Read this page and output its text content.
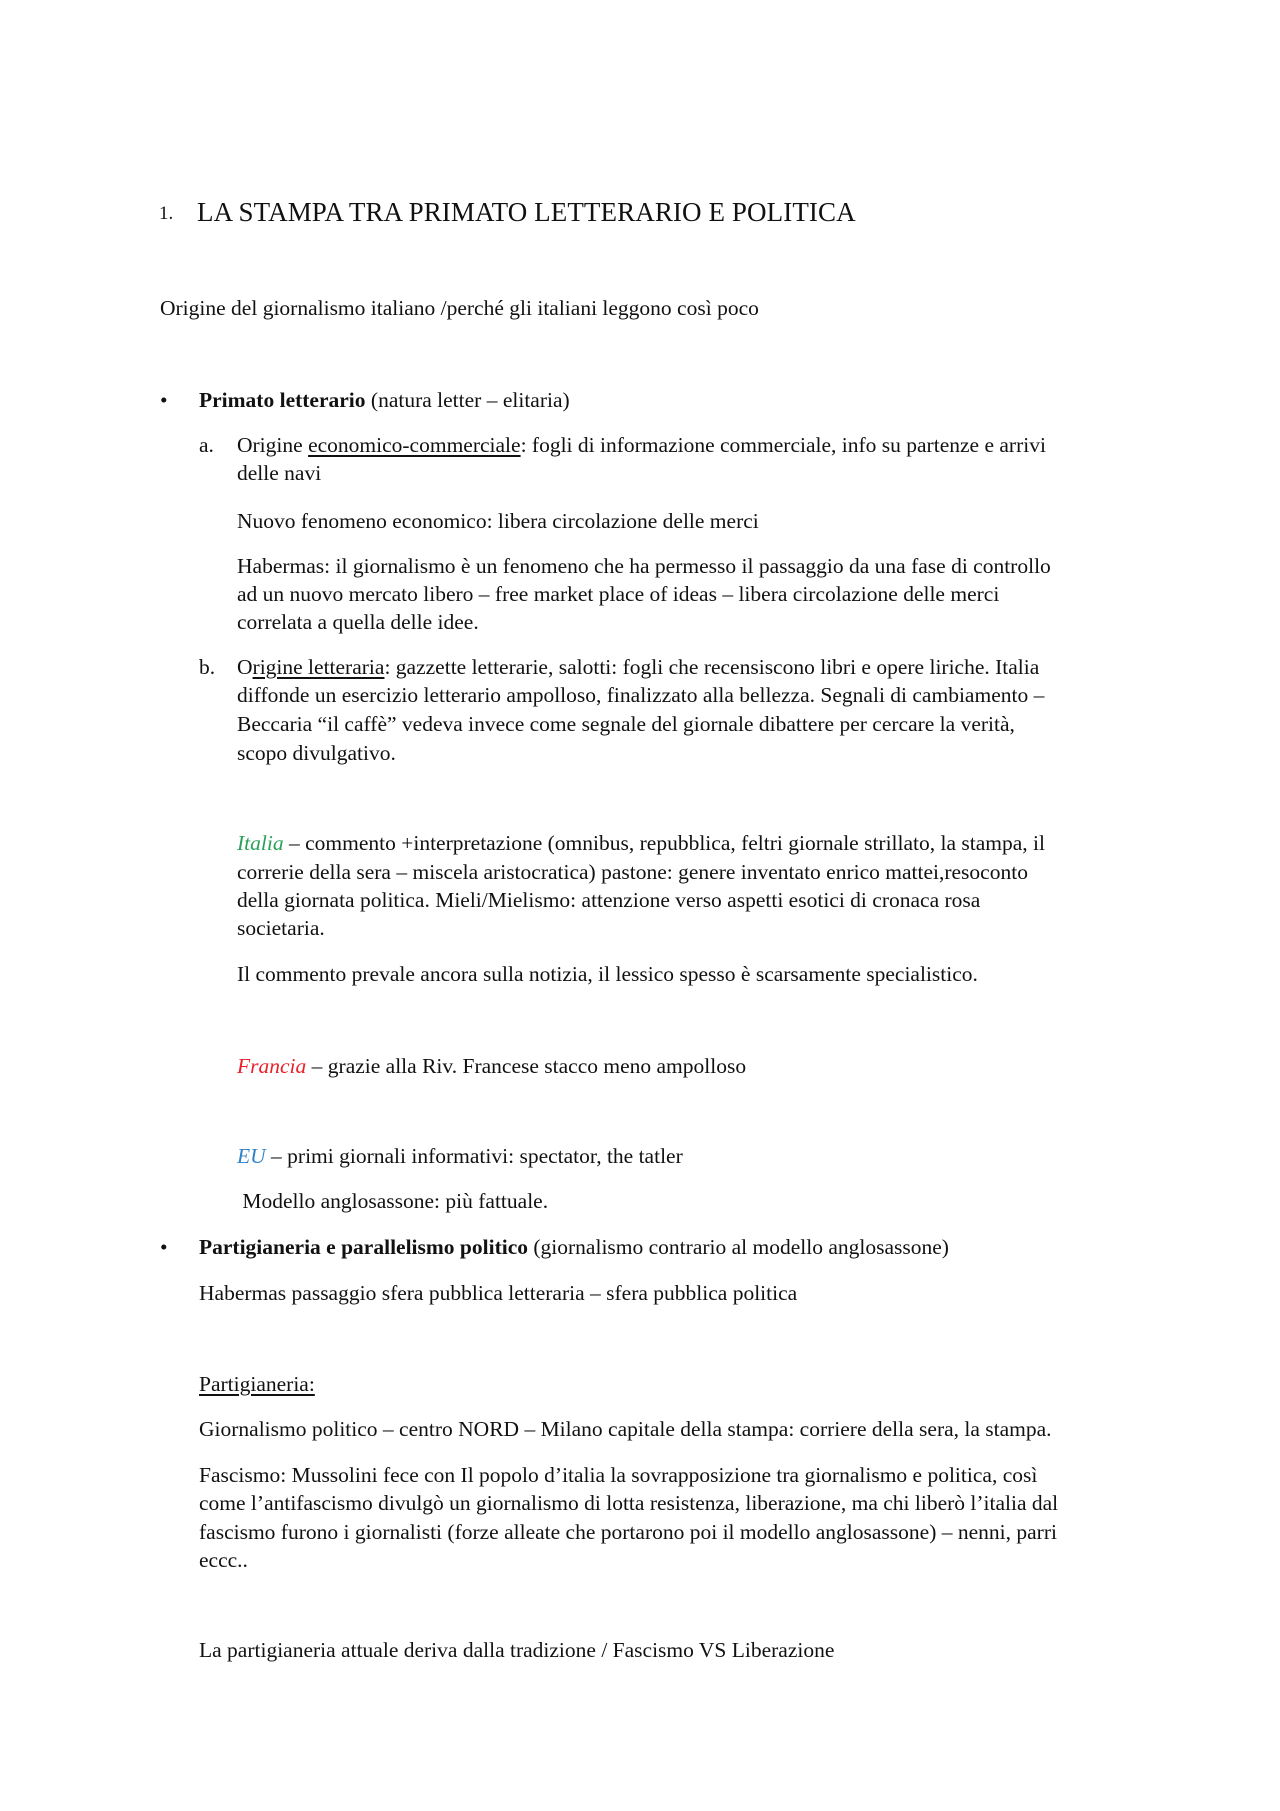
1. LA STAMPA TRA PRIMATO LETTERARIO E POLITICA
Origine del giornalismo italiano /perché gli italiani leggono così poco
• Primato letterario (natura letter – elitaria)
a. Origine economico-commerciale: fogli di informazione commerciale, info su partenze e arrivi
delle navi
Nuovo fenomeno economico: libera circolazione delle merci
Habermas: il giornalismo è un fenomeno che ha permesso il passaggio da una fase di controllo
ad un nuovo mercato libero – free market place of ideas – libera circolazione delle merci
correlata a quella delle idee.
b. Origine letteraria: gazzette letterarie, salotti: fogli che recensiscono libri e opere liriche. Italia
diffonde un esercizio letterario ampolloso, finalizzato alla bellezza. Segnali di cambiamento –
Beccaria “il caffè” vedeva invece come segnale del giornale dibattere per cercare la verità,
scopo divulgativo.
Italia – commento +interpretazione (omnibus, repubblica, feltri giornale strillato, la stampa, il
correrie della sera – miscela aristocratica) pastone: genere inventato enrico mattei,resoconto
della giornata politica. Mieli/Mielismo: attenzione verso aspetti esotici di cronaca rosa
societaria.
Il commento prevale ancora sulla notizia, il lessico spesso è scarsamente specialistico.
Francia – grazie alla Riv. Francese stacco meno ampolloso
EU – primi giornali informativi: spectator, the tatler
Modello anglosassone: più fattuale.
• Partigianeria e parallelismo politico (giornalismo contrario al modello anglosassone)
Habermas passaggio sfera pubblica letteraria – sfera pubblica politica
Partigianeria:
Giornalismo politico – centro NORD – Milano capitale della stampa: corriere della sera, la stampa.
Fascismo: Mussolini fece con Il popolo d’italia la sovrapposizione tra giornalismo e politica, così
come l’antifascismo divulgò un giornalismo di lotta resistenza, liberazione, ma chi liberò l’italia dal
fascismo furono i giornalisti (forze alleate che portarono poi il modello anglosassone) – nenni, parri
eccc..
La partigianeria attuale deriva dalla tradizione / Fascismo VS Liberazione
